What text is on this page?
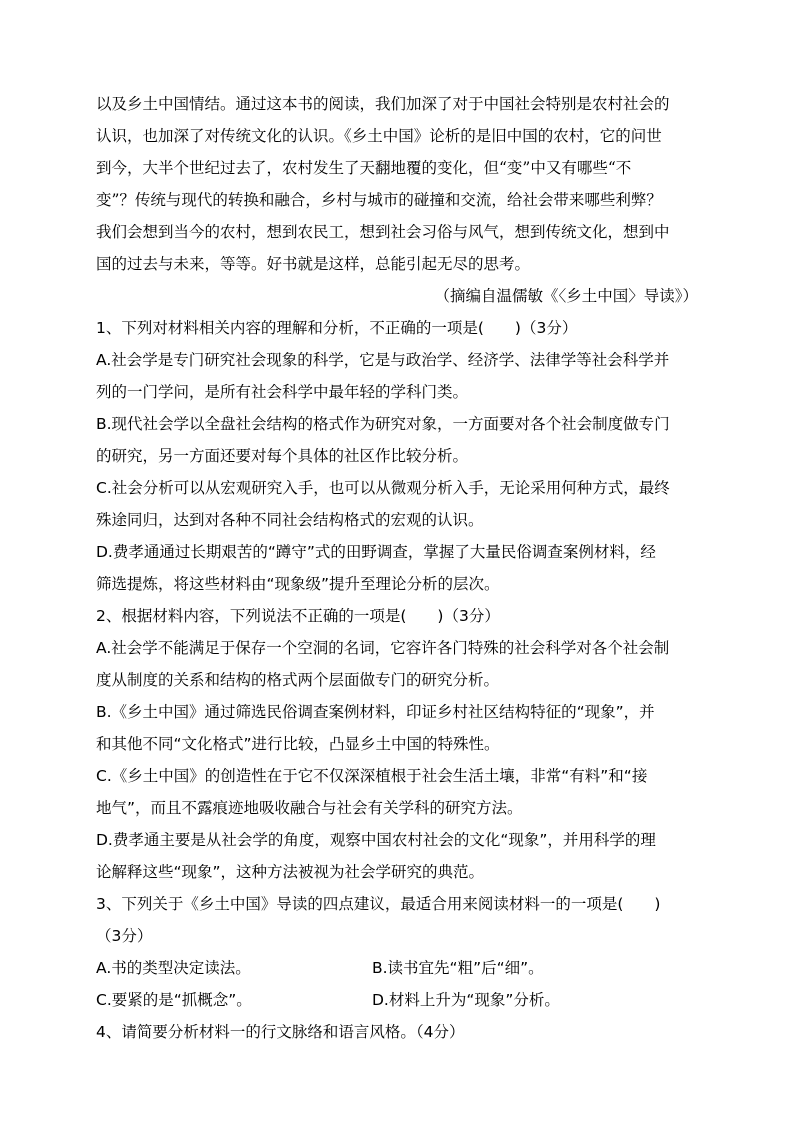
以及乡土中国情结。通过这本书的阅读，我们加深了对于中国社会特别是农村社会的
认识，也加深了对传统文化的认识。《乡土中国》论析的是旧中国的农村，它的问世
到今，大半个世纪过去了，农村发生了天翻地覆的变化，但“变”中又有哪些“不
变”？传统与现代的转换和融合，乡村与城市的碰撞和交流，给社会带来哪些利弊？
我们会想到当今的农村，想到农民工，想到社会习俗与风气，想到传统文化，想到中
国的过去与未来，等等。好书就是这样，总能引起无尽的思考。
（摘编自温儒敏《〈乡土中国〉导读》）
1、下列对材料相关内容的理解和分析，不正确的一项是(　　)（3分）
A.社会学是专门研究社会现象的科学，它是与政治学、经济学、法律学等社会科学并
列的一门学问，是所有社会科学中最年轻的学科门类。
B.现代社会学以全盘社会结构的格式作为研究对象，一方面要对各个社会制度做专门
的研究，另一方面还要对每个具体的社区作比较分析。
C.社会分析可以从宏观研究入手，也可以从微观分析入手，无论采用何种方式，最终
殊途同归，达到对各种不同社会结构格式的宏观的认识。
D.费孝通通过长期艰苦的“蹲守”式的田野调查，掌握了大量民俗调查案例材料，经
筛选提炼，将这些材料由“现象级”提升至理论分析的层次。
2、根据材料内容，下列说法不正确的一项是(　　)（3分）
A.社会学不能满足于保存一个空洞的名词，它容许各门特殊的社会科学对各个社会制
度从制度的关系和结构的格式两个层面做专门的研究分析。
B.《乡土中国》通过筛选民俗调查案例材料，印证乡村社区结构特征的“现象”，并
和其他不同“文化格式”进行比较，凸显乡土中国的特殊性。
C.《乡土中国》的创造性在于它不仅深深植根于社会生活土壤，非常“有料”和“接
地气”，而且不露痕迹地吸收融合与社会有关学科的研究方法。
D.费孝通主要是从社会学的角度，观察中国农村社会的文化“现象”，并用科学的理
论解释这些“现象”，这种方法被视为社会学研究的典范。
3、下列关于《乡土中国》导读的四点建议，最适合用来阅读材料一的一项是(　　)
（3分）
A.书的类型决定读法。	B.读书宜先“粗”后“细”。
C.要紧的是“抓概念”。	D.材料上升为“现象”分析。
4、请简要分析材料一的行文脉络和语言风格。（4分）
